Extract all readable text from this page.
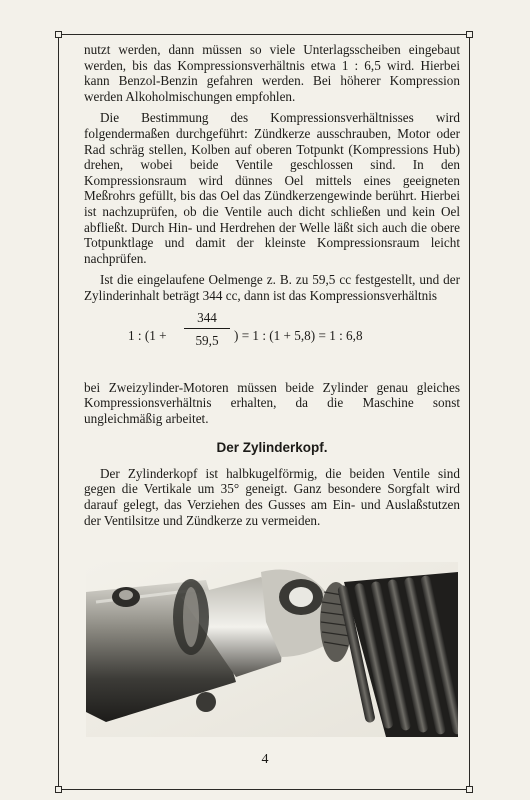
nutzt werden, dann müssen so viele Unterlagsscheiben eingebaut werden, bis das Kompressionsverhältnis etwa 1 : 6,5 wird. Hierbei kann Benzol-Benzin gefahren werden. Bei höherer Kompression werden Alkoholmischungen empfohlen.

Die Bestimmung des Kompressionsverhältnisses wird folgendermaßen durchgeführt: Zündkerze ausschrauben, Motor oder Rad schräg stellen, Kolben auf oberen Totpunkt (Kompressions Hub) drehen, wobei beide Ventile geschlossen sind. In den Kompressionsraum wird dünnes Oel mittels eines geeigneten Meßrohrs gefüllt, bis das Oel das Zündkerzengewinde berührt. Hierbei ist nachzuprüfen, ob die Ventile auch dicht schließen und kein Oel abfließt. Durch Hin- und Herdrehen der Welle läßt sich auch die obere Totpunktlage und damit der kleinste Kompressionsraum leicht nachprüfen.

Ist die eingelaufene Oelmenge z. B. zu 59,5 cc festgestellt, und der Zylinderinhalt beträgt 344 cc, dann ist das Kompressionsverhältnis

1 : (1 +
344
59,5	) = 1 : (1 + 5,8) = 1 : 6,8

bei Zweizylinder-Motoren müssen beide Zylinder genau gleiches Kompressionsverhältnis erhalten, da die Maschine sonst ungleichmäßig arbeitet.

Der Zylinderkopf.

Der Zylinderkopf ist halbkugelförmig, die beiden Ventile sind gegen die Vertikale um 35° geneigt. Ganz besondere Sorgfalt wird darauf gelegt, das Verziehen des Gusses am Ein- und Auslaßstutzen der Ventilsitze und Zündkerze zu vermeiden.

4
